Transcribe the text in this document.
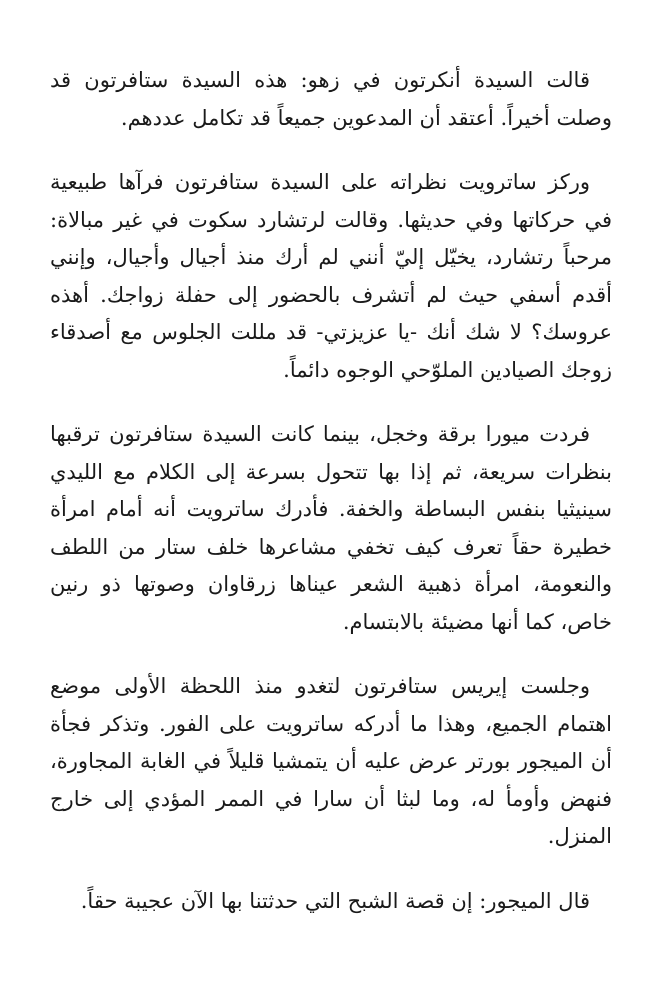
قالت السيدة أنكرتون في زهو: هذه السيدة ستافرتون قد وصلت أخيراً. أعتقد أن المدعوين جميعاً قد تكامل عددهم.

وركز ساترويت نظراته على السيدة ستافرتون فرآها طبيعية في حركاتها وفي حديثها. وقالت لرتشارد سكوت في غير مبالاة: مرحباً رتشارد، يخيّل إليّ أنني لم أرك منذ أجيال وأجيال، وإنني أقدم أسفي حيث لم أتشرف بالحضور إلى حفلة زواجك. أهذه عروسك؟ لا شك أنك -يا عزيزتي- قد مللت الجلوس مع أصدقاء زوجك الصيادين الملوّحي الوجوه دائماً.

فردت ميورا برقة وخجل، بينما كانت السيدة ستافرتون ترقبها بنظرات سريعة، ثم إذا بها تتحول بسرعة إلى الكلام مع الليدي سينيثيا بنفس البساطة والخفة. فأدرك ساترويت أنه أمام امرأة خطيرة حقاً تعرف كيف تخفي مشاعرها خلف ستار من اللطف والنعومة، امرأة ذهبية الشعر عيناها زرقاوان وصوتها ذو رنين خاص، كما أنها مضيئة بالابتسام.

وجلست إيريس ستافرتون لتغدو منذ اللحظة الأولى موضع اهتمام الجميع، وهذا ما أدركه ساترويت على الفور. وتذكر فجأة أن الميجور بورتر عرض عليه أن يتمشيا قليلاً في الغابة المجاورة، فنهض وأومأ له، وما لبثا أن سارا في الممر المؤدي إلى خارج المنزل.

قال الميجور: إن قصة الشبح التي حدثتنا بها الآن عجيبة حقاً.
